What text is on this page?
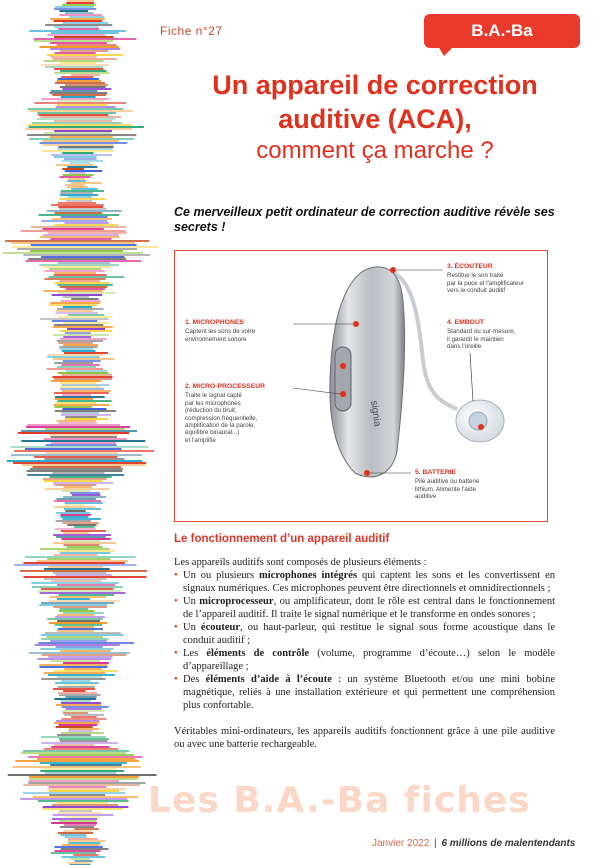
Fiche n°27	B.A.-Ba
Un appareil de correction
auditive (ACA),
comment ça marche ?
Ce merveilleux petit ordinateur de correction auditive révèle ses secrets !
signia
1. MICROPHONES
Captent les sons de votre
environnement sonore
2. MICRO-PROCESSEUR
Traite le signal capté
par les microphones
(réduction du bruit,
compression fréquentielle,
amplification de la parole,
équilibre binaural...)
et l'amplifie
3. ÉCOUTEUR
Restitue le son traité
par la puce et l'amplificateur
vers le conduit auditif
4. EMBOUT
Standard ou sur-mesure,
il garantit le maintien
dans l'oreille
5. BATTERIE
Pile auditive ou batterie
lithium. Alimente l'aide
auditive
Le fonctionnement d’un appareil auditif

Les appareils auditifs sont composés de plusieurs éléments :

• Un ou plusieurs microphones intégrés qui captent les sons et les convertissent en signaux numériques. Ces microphones peuvent être directionnels et omnidirectionnels ;
• Un microprocesseur, ou amplificateur, dont le rôle est central dans le fonctionnement de l’appareil auditif. Il traite le signal numérique et le transforme en ondes sonores ;
• Un écouteur, ou haut-parleur, qui restitue le signal sous forme acoustique dans le conduit auditif ;
• Les éléments de contrôle (volume, programme d’écoute…) selon le modèle d’appareillage ;
• Des éléments d’aide à l’écoute : un système Bluetooth et/ou une mini bobine magnétique, reliés à une installation extérieure et qui permettent une compréhension plus confortable.

Véritables mini-ordinateurs, les appareils auditifs fonctionnent grâce à une pile auditive ou avec une batterie rechargeable.

Les B.A.-Ba fiches
Janvier 2022 | 6 millions de malentendants
